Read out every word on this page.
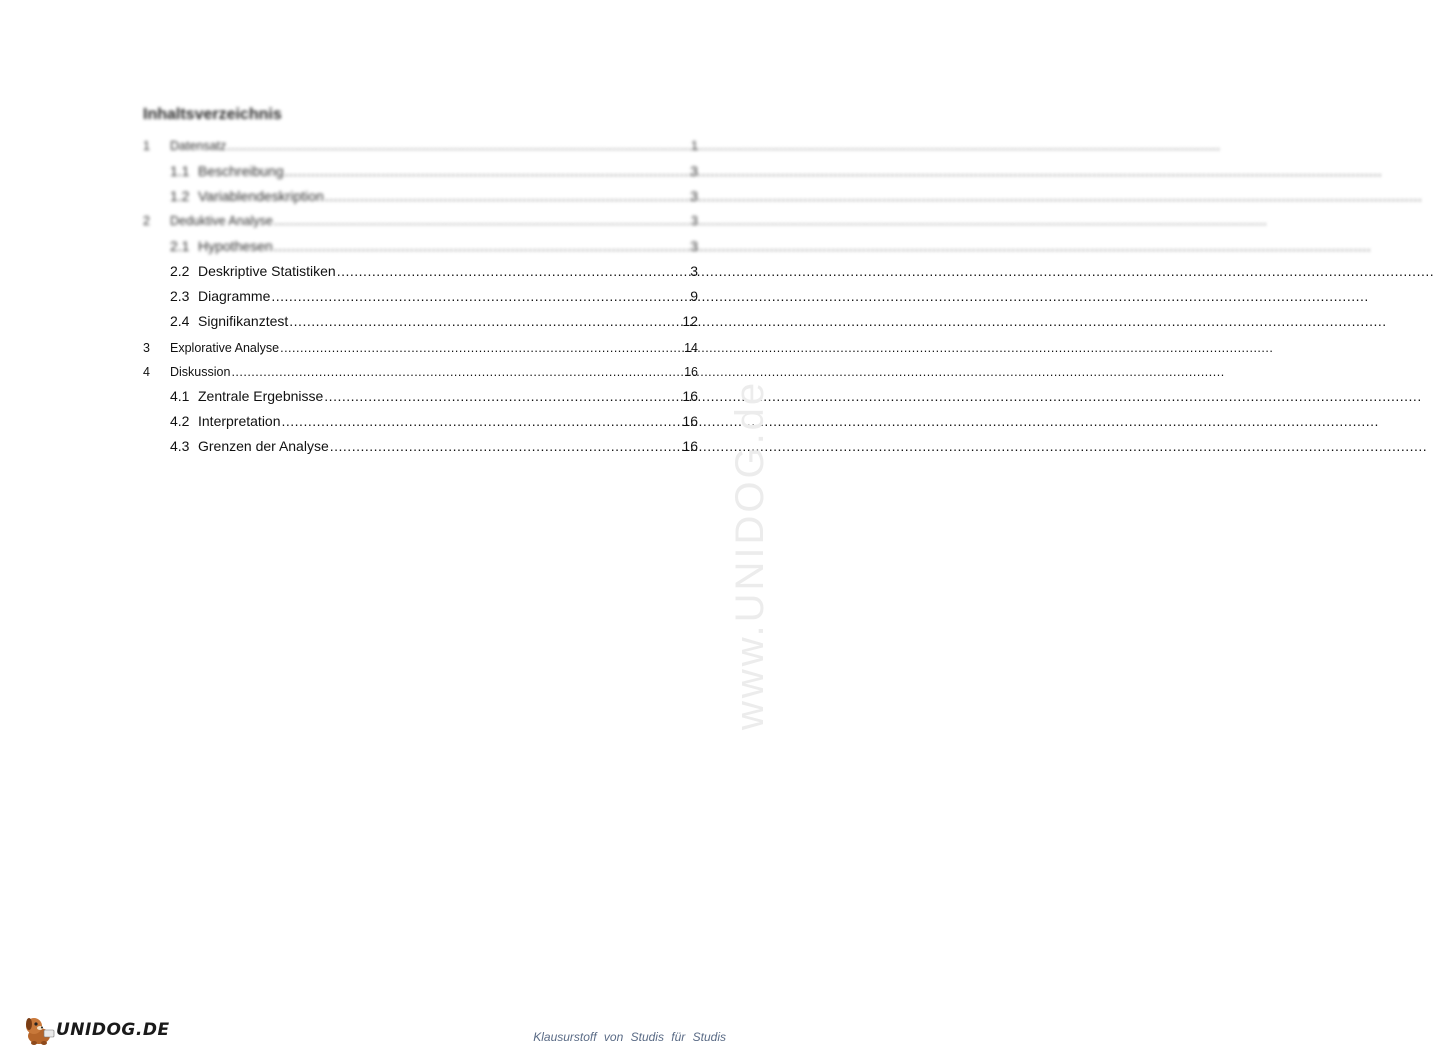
Inhaltsverzeichnis
1	Datensatz .....	1
1.1 Beschreibung .....	3
1.2 Variablendeskription .....	3
2	Deduktive Analyse .....	3
2.1 Hypothesen .....	3
2.2 Deskriptive Statistiken .....	3
2.3 Diagramme .....	9
2.4 Signifikanztest .....	12
3	Explorative Analyse .....	14
4	Diskussion .....	16
4.1 Zentrale Ergebnisse .....	16
4.2 Interpretation .....	16
4.3 Grenzen der Analyse .....	16 www.UNIDOG.de
UNIDOG.DE	Klausurstoff von Studis für Studis
